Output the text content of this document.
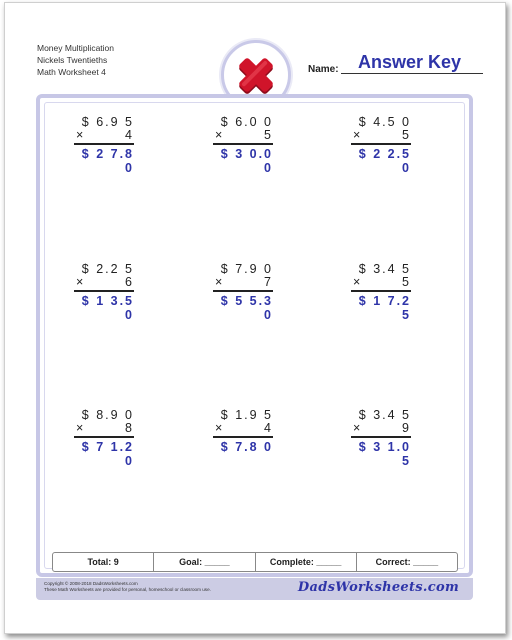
Money Multiplication
Nickels Twentieths
Math Worksheet 4	Name: Answer Key
$ 6.9 5
×	4
$ 2 7.8 0
$ 6.0 0
×	5
$ 3 0.0 0
$ 4.5 0
×	5
$ 2 2.5 0
$ 2.2 5
×	6
$ 1 3.5 0
$ 7.9 0
×	7
$ 5 5.3 0
$ 3.4 5
×	5
$ 1 7.2 5
$ 8.9 0
×	8
$ 7 1.2 0
$ 1.9 5
×	4
$ 7.8 0
$ 3.4 5
×	9
$ 3 1.0 5
Total: 9	Goal: _____	Complete: _____	Correct: _____
Copyright © 2008-2018 DadsWorksheets.com
These Math Worksheets are provided for personal, homeschool or classroom use.	DadsWorksheets.com
